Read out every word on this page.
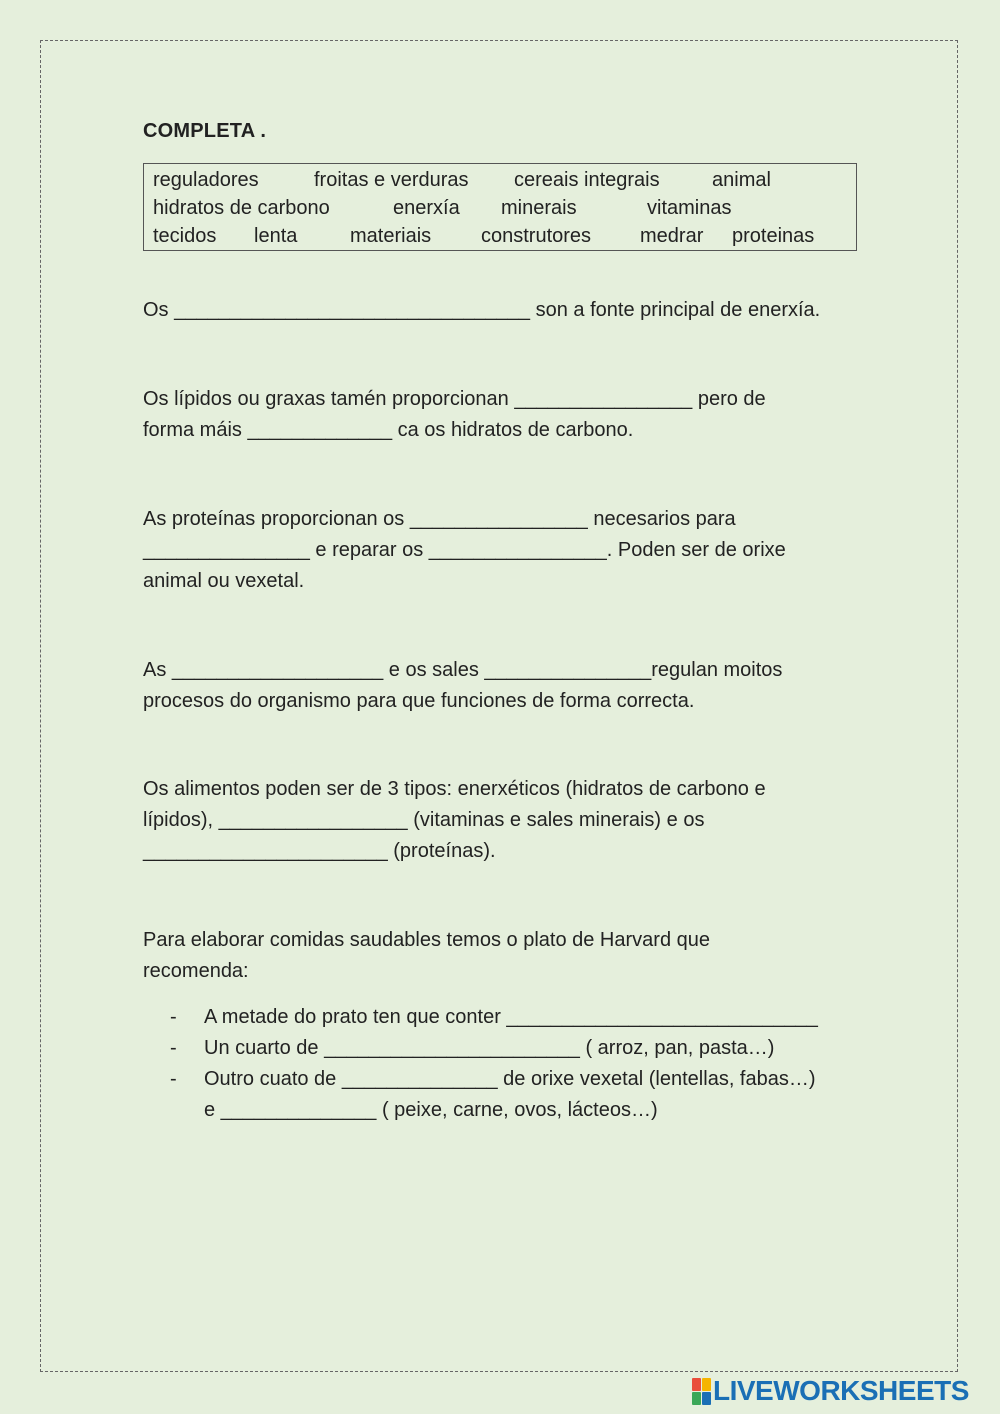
COMPLETA .
reguladores	froitas e verduras cereais integrais	animal
hidratos de carbono	enerxía minerais	vitaminas
tecidos lenta	materiais construtores medrar proteinas

Os ________________________________ son a fonte principal de enerxía.

Os lípidos ou graxas tamén proporcionan ________________ pero de

forma máis _____________ ca os hidratos de carbono.

As proteínas proporcionan os ________________ necesarios para

_______________ e reparar os ________________. Poden ser de orixe

animal ou vexetal.

As ___________________ e os sales _______________regulan moitos

procesos do organismo para que funciones de forma correcta.

Os alimentos poden ser de 3 tipos: enerxéticos (hidratos de carbono e

lípidos), _________________ (vitaminas e sales minerais) e os

______________________ (proteínas).

Para elaborar comidas saudables temos o plato de Harvard que

recomenda:

- A metade do prato ten que conter ____________________________
- Un cuarto de _______________________ ( arroz, pan, pasta…)
- Outro cuato de ______________ de orixe vexetal (lentellas, fabas…)
e ______________ ( peixe, carne, ovos, lácteos…)
LIVEWORKSHEETS
